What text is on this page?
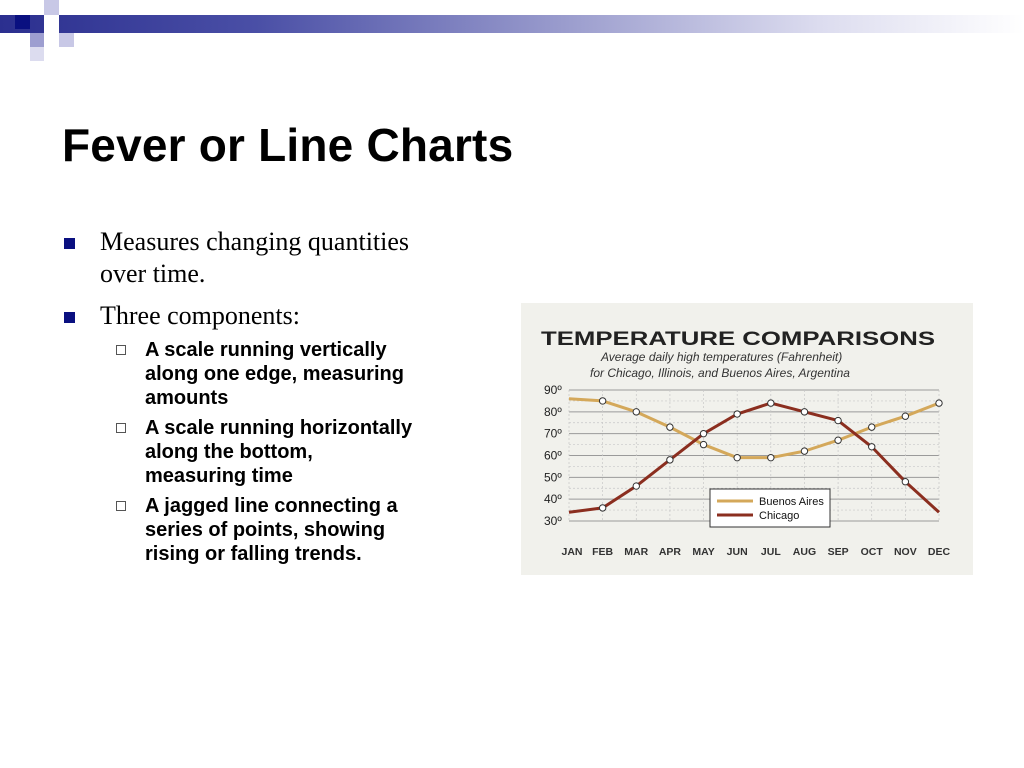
Fever or Line Charts
Measures changing quantities
over time.
Three components:
A scale running vertically
along one edge, measuring
amounts
A scale running horizontally
along the bottom,
measuring time
A jagged line connecting a
series of points, showing
rising or falling trends.
TEMPERATURE COMPARISONS
Average daily high temperatures (Fahrenheit)
for Chicago, Illinois, and Buenos Aires, Argentina
90º
80º
70º
60º
50º
40º
30º
JAN FEB MAR APR MAY JUN JUL AUG SEP OCT NOV DEC
Buenos Aires
Chicago
